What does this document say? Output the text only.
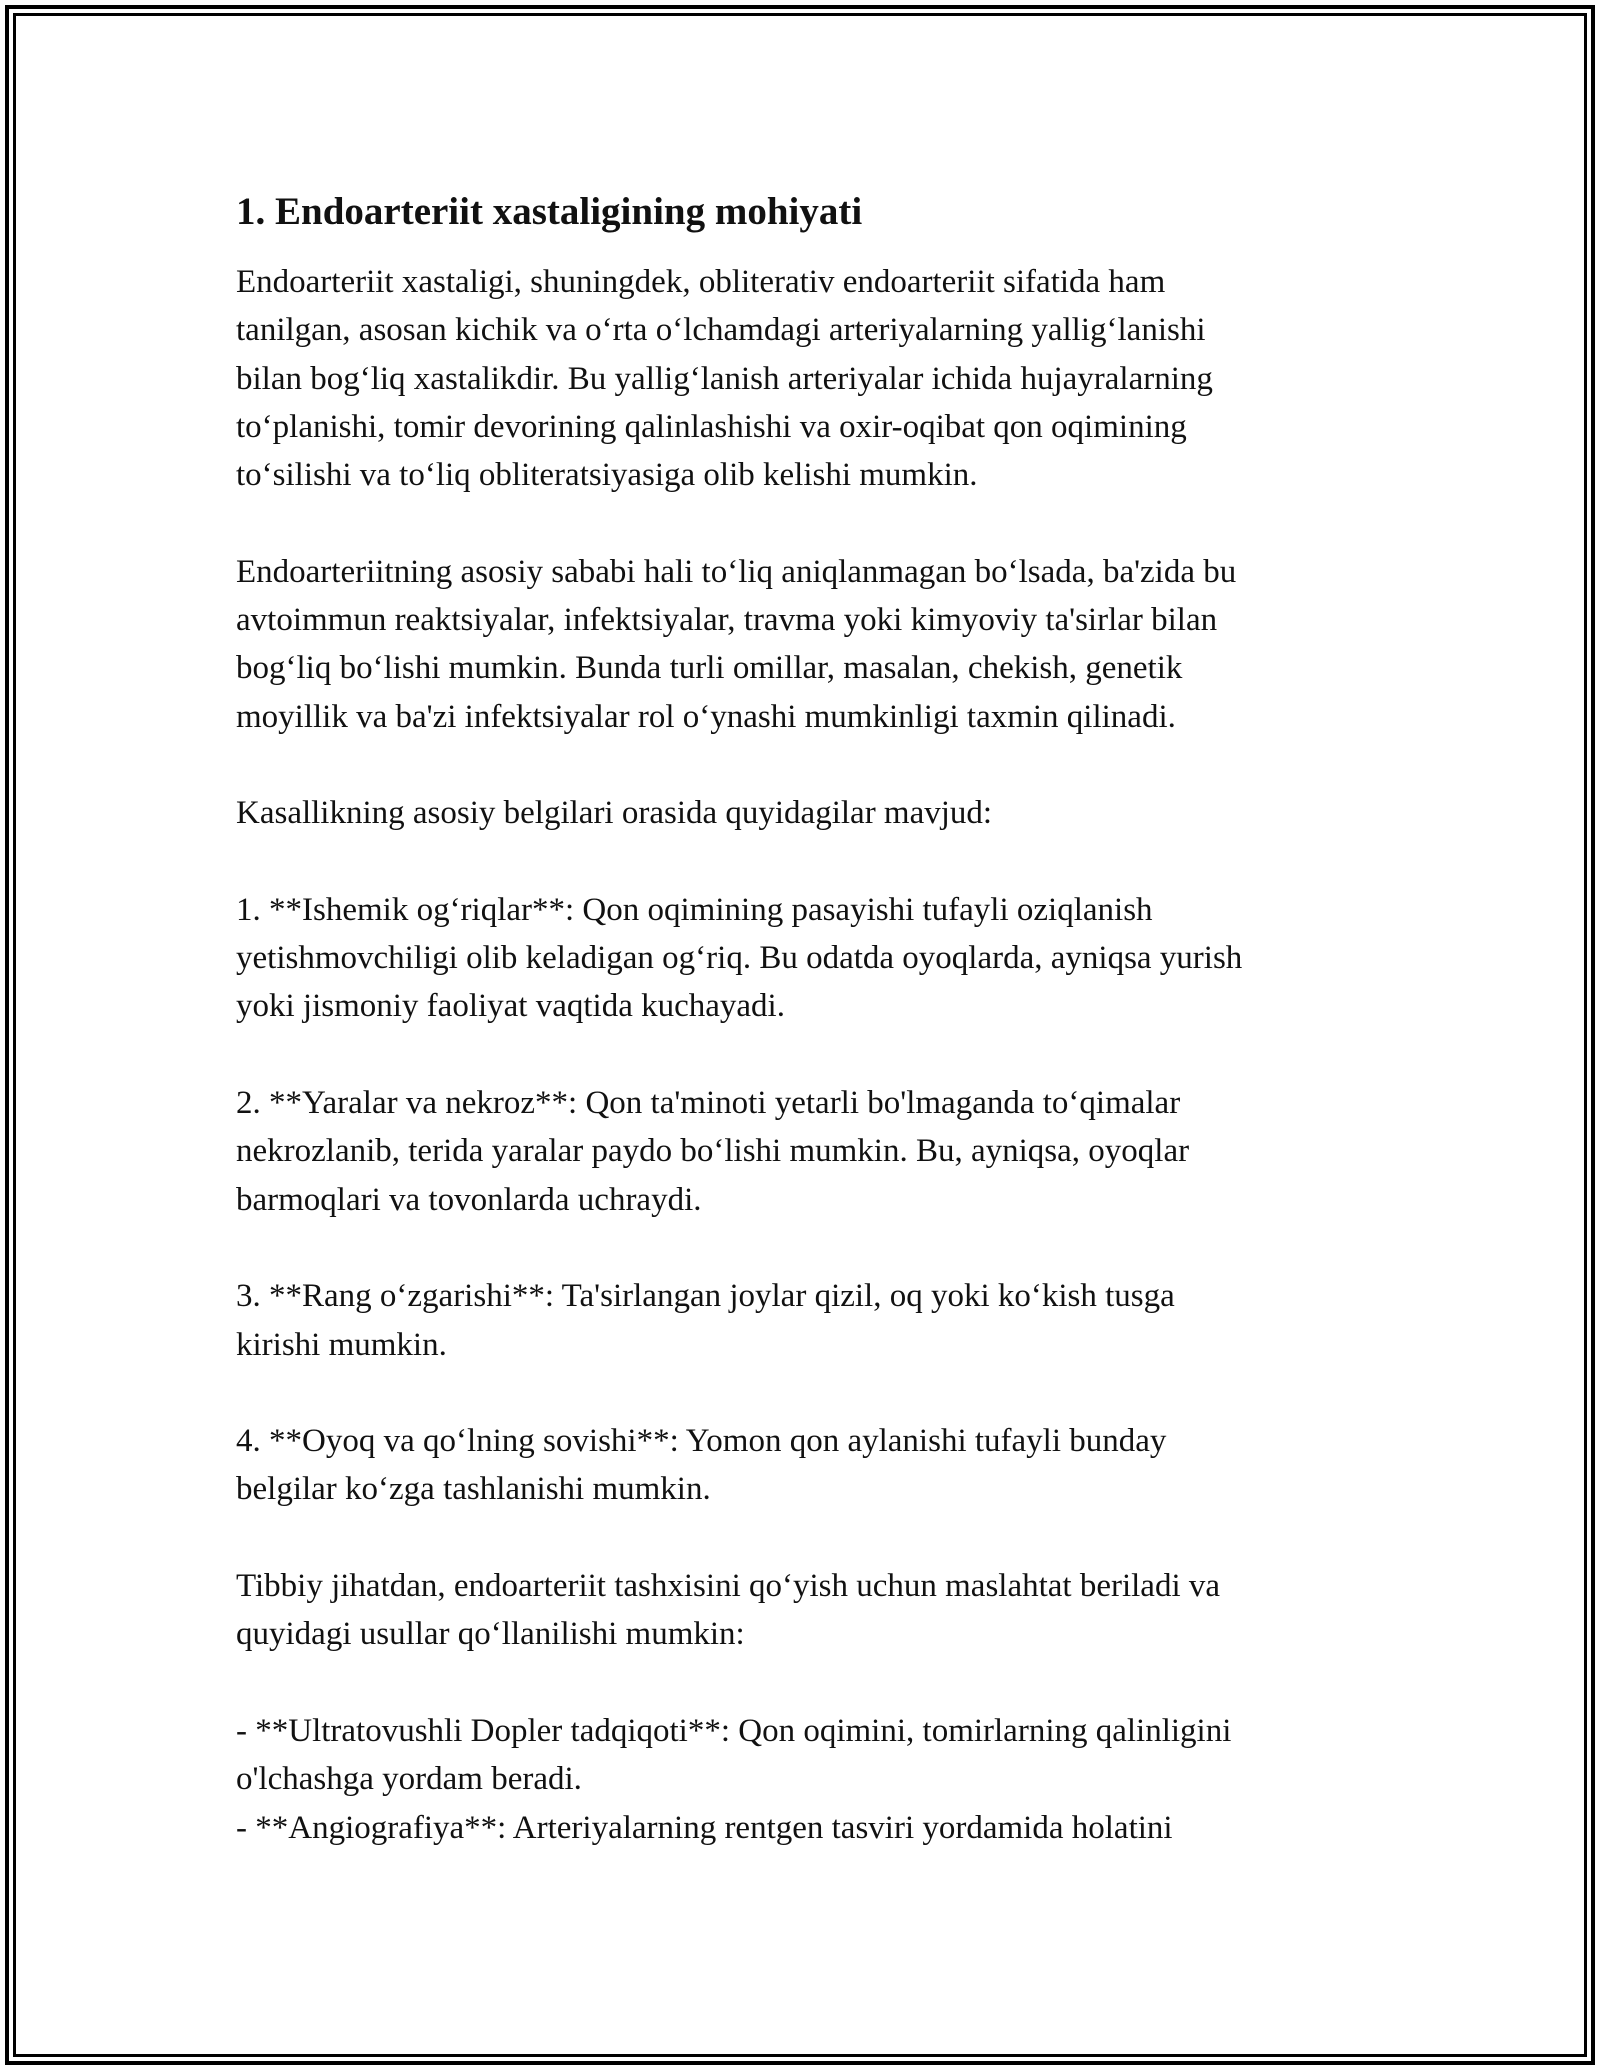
1. Endoarteriit xastaligining mohiyati

Endoarteriit xastaligi, shuningdek, obliterativ endoarteriit sifatida ham
tanilgan, asosan kichik va o‘rta o‘lchamdagi arteriyalarning yallig‘lanishi
bilan bog‘liq xastalikdir. Bu yallig‘lanish arteriyalar ichida hujayralarning
to‘planishi, tomir devorining qalinlashishi va oxir-oqibat qon oqimining
to‘silishi va to‘liq obliteratsiyasiga olib kelishi mumkin.

Endoarteriitning asosiy sababi hali to‘liq aniqlanmagan bo‘lsada, ba'zida bu
avtoimmun reaktsiyalar, infektsiyalar, travma yoki kimyoviy ta'sirlar bilan
bog‘liq bo‘lishi mumkin. Bunda turli omillar, masalan, chekish, genetik
moyillik va ba'zi infektsiyalar rol o‘ynashi mumkinligi taxmin qilinadi.

Kasallikning asosiy belgilari orasida quyidagilar mavjud:

1. **Ishemik og‘riqlar**: Qon oqimining pasayishi tufayli oziqlanish
yetishmovchiligi olib keladigan og‘riq. Bu odatda oyoqlarda, ayniqsa yurish
yoki jismoniy faoliyat vaqtida kuchayadi.

2. **Yaralar va nekroz**: Qon ta'minoti yetarli bo'lmaganda to‘qimalar
nekrozlanib, terida yaralar paydo bo‘lishi mumkin. Bu, ayniqsa, oyoqlar
barmoqlari va tovonlarda uchraydi.

3. **Rang o‘zgarishi**: Ta'sirlangan joylar qizil, oq yoki ko‘kish tusga
kirishi mumkin.

4. **Oyoq va qo‘lning sovishi**: Yomon qon aylanishi tufayli bunday
belgilar ko‘zga tashlanishi mumkin.

Tibbiy jihatdan, endoarteriit tashxisini qo‘yish uchun maslahtat beriladi va
quyidagi usullar qo‘llanilishi mumkin:

- **Ultratovushli Dopler tadqiqoti**: Qon oqimini, tomirlarning qalinligini
o'lchashga yordam beradi.
- **Angiografiya**: Arteriyalarning rentgen tasviri yordamida holatini
